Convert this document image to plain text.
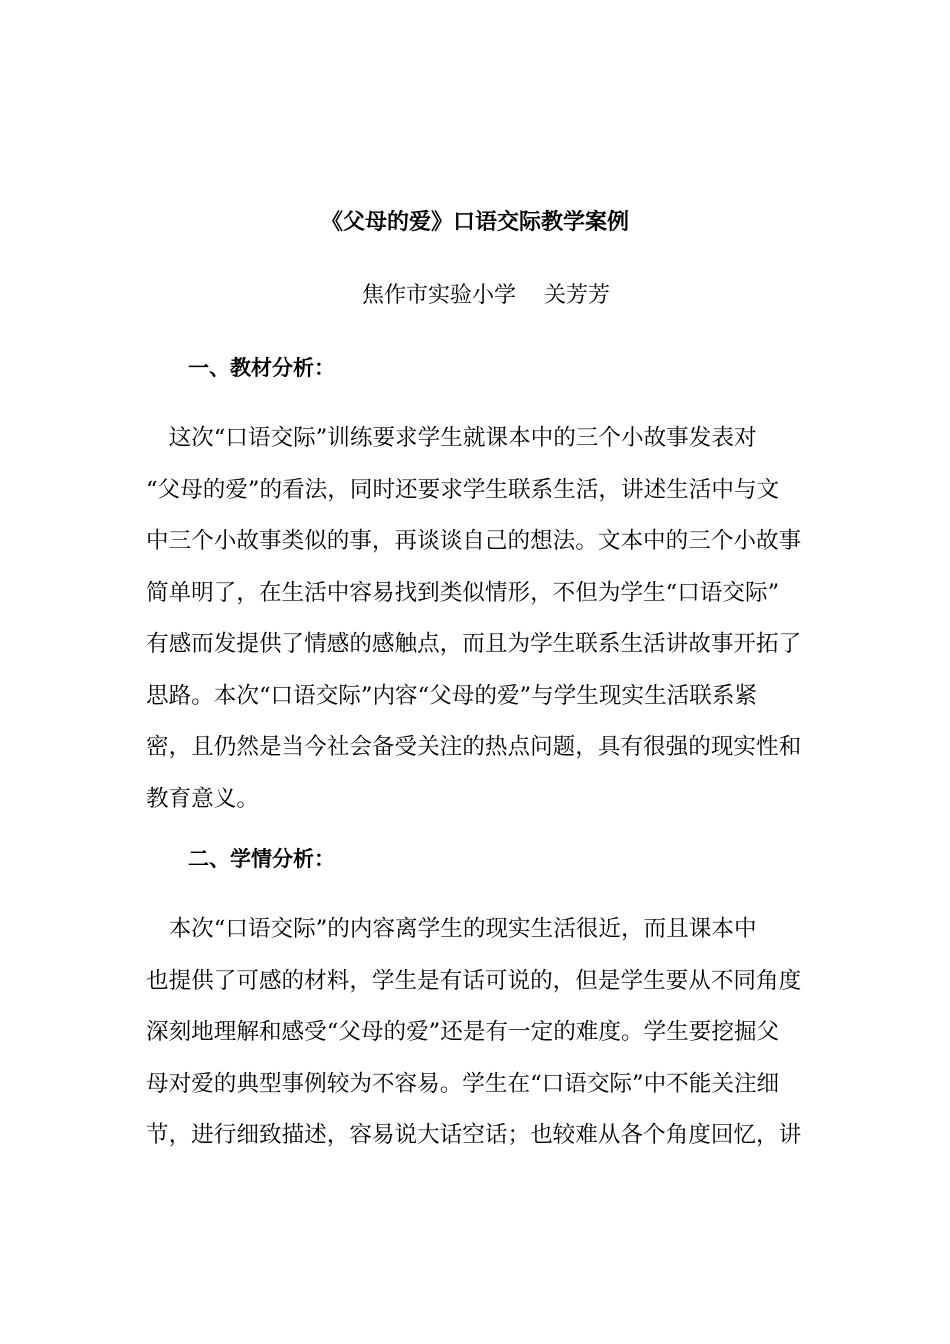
《父母的爱》口语交际教学案例
焦作市实验小学 关芳芳
一、教材分析：
　这次“口语交际”训练要求学生就课本中的三个小故事发表对
“父母的爱”的看法，同时还要求学生联系生活，讲述生活中与文
中三个小故事类似的事，再谈谈自己的想法。文本中的三个小故事
简单明了，在生活中容易找到类似情形，不但为学生“口语交际”
有感而发提供了情感的感触点，而且为学生联系生活讲故事开拓了
思路。本次“口语交际”内容“父母的爱”与学生现实生活联系紧
密，且仍然是当今社会备受关注的热点问题，具有很强的现实性和
教育意义。
二、学情分析：
　本次“口语交际”的内容离学生的现实生活很近，而且课本中
也提供了可感的材料，学生是有话可说的，但是学生要从不同角度
深刻地理解和感受“父母的爱”还是有一定的难度。学生要挖掘父
母对爱的典型事例较为不容易。学生在“口语交际”中不能关注细
节，进行细致描述，容易说大话空话；也较难从各个角度回忆，讲
